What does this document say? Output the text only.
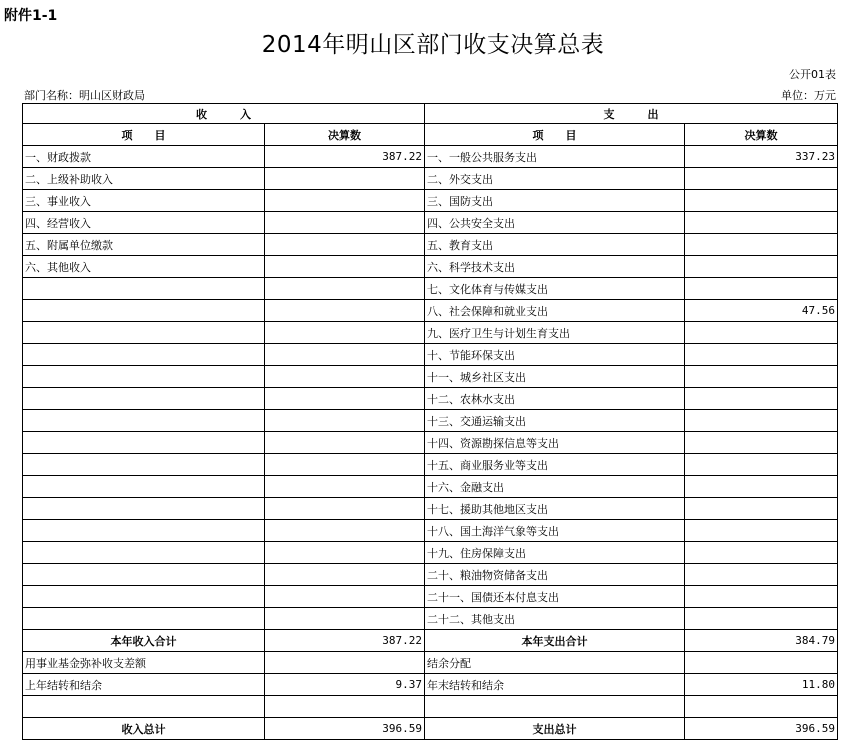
附件1-1
2014年明山区部门收支决算总表
公开01表
部门名称：明山区财政局	单位：万元
收　　　入		支　　　出	
项　　目	决算数	项　　目	决算数
一、财政拨款	387.22	一、一般公共服务支出	337.23
二、上级补助收入		二、外交支出	
三、事业收入		三、国防支出	
四、经营收入		四、公共安全支出	
五、附属单位缴款		五、教育支出	
六、其他收入		六、科学技术支出	
		七、文化体育与传媒支出	
		八、社会保障和就业支出	47.56
		九、医疗卫生与计划生育支出	
		十、节能环保支出	
		十一、城乡社区支出	
		十二、农林水支出	
		十三、交通运输支出	
		十四、资源勘探信息等支出	
		十五、商业服务业等支出	
		十六、金融支出	
		十七、援助其他地区支出	
		十八、国土海洋气象等支出	
		十九、住房保障支出	
		二十、粮油物资储备支出	
		二十一、国债还本付息支出	
		二十二、其他支出	
本年收入合计	387.22	本年支出合计	384.79
用事业基金弥补收支差额		结余分配	
上年结转和结余	9.37	年末结转和结余	11.80

收入总计	396.59	支出总计	396.59
